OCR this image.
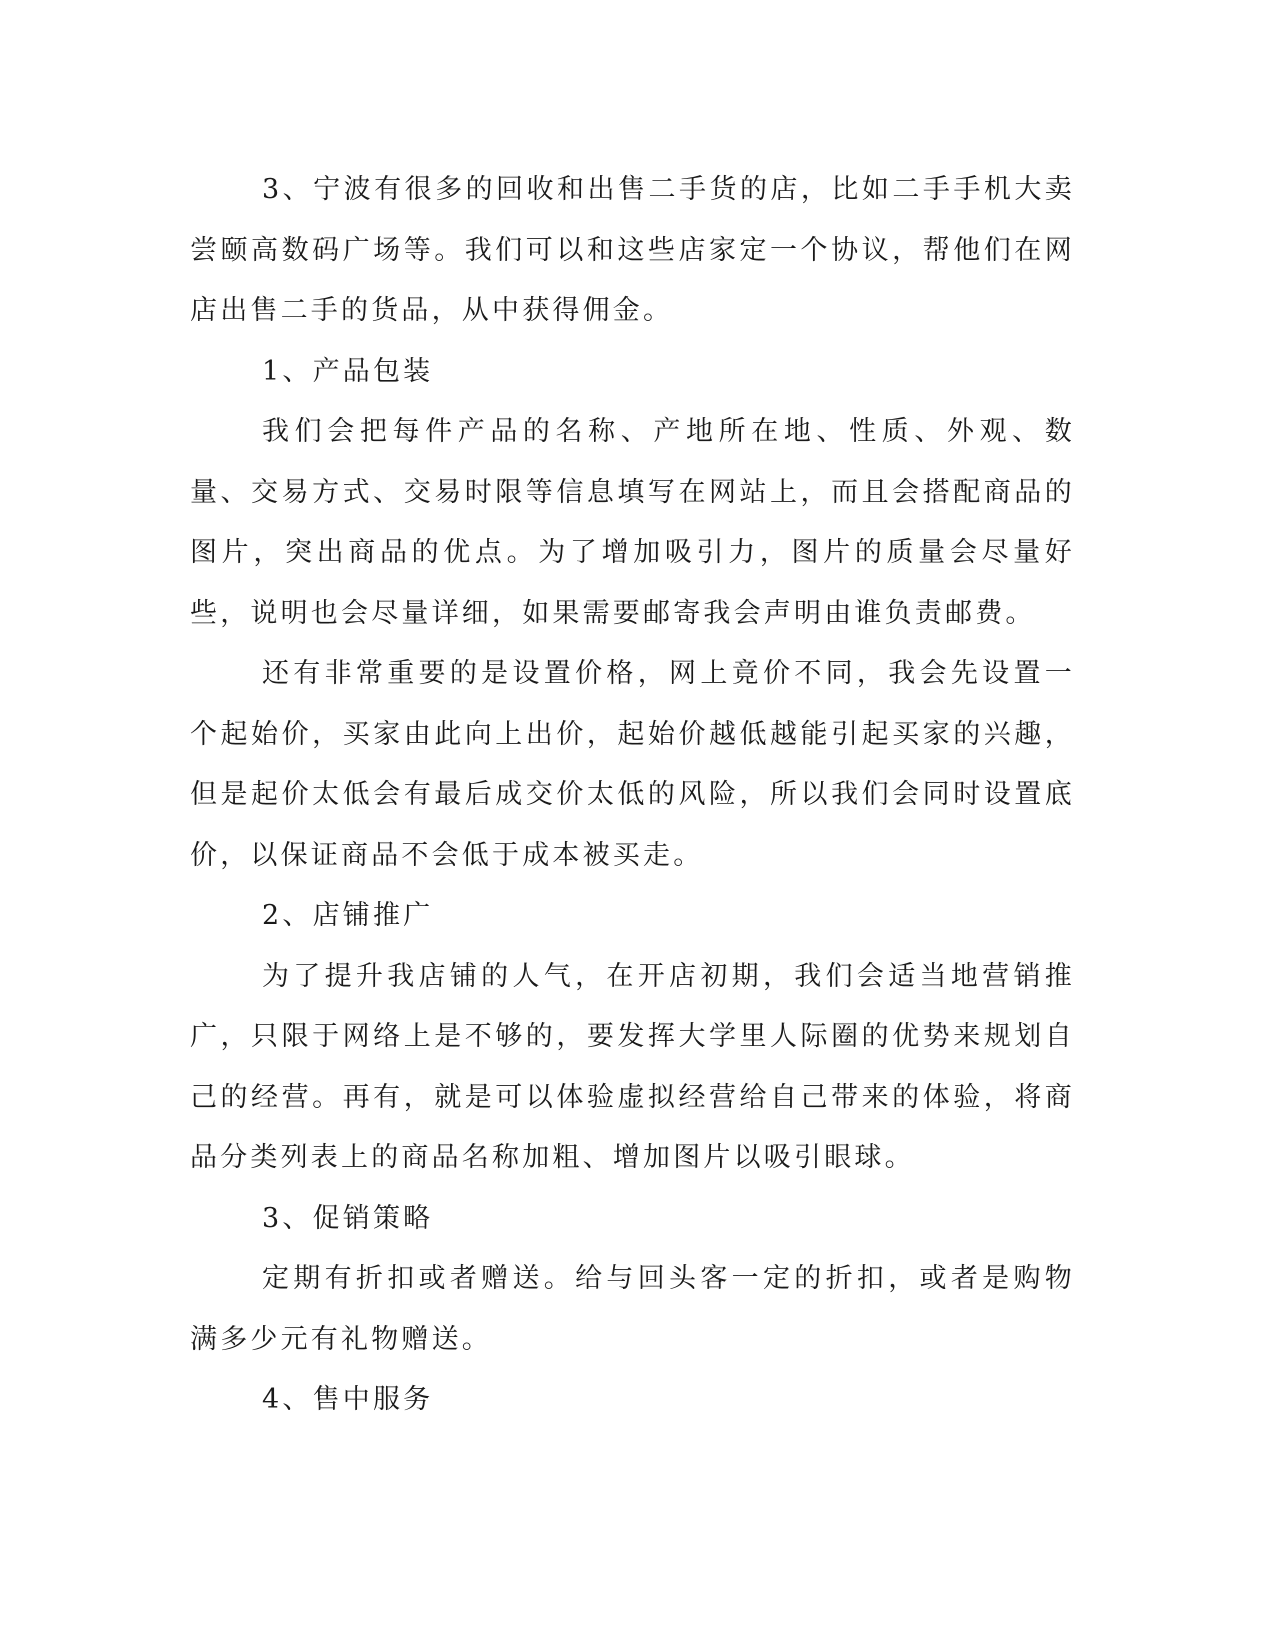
3、宁波有很多的回收和出售二手货的店，比如二手手机大卖尝颐高数码广场等。我们可以和这些店家定一个协议，帮他们在网店出售二手的货品，从中获得佣金。

1、产品包装

我们会把每件产品的名称、产地所在地、性质、外观、数量、交易方式、交易时限等信息填写在网站上，而且会搭配商品的图片，突出商品的优点。为了增加吸引力，图片的质量会尽量好些，说明也会尽量详细，如果需要邮寄我会声明由谁负责邮费。

还有非常重要的是设置价格，网上竟价不同，我会先设置一个起始价，买家由此向上出价，起始价越低越能引起买家的兴趣，但是起价太低会有最后成交价太低的风险，所以我们会同时设置底价，以保证商品不会低于成本被买走。

2、店铺推广

为了提升我店铺的人气，在开店初期，我们会适当地营销推广，只限于网络上是不够的，要发挥大学里人际圈的优势来规划自己的经营。再有，就是可以体验虚拟经营给自己带来的体验，将商品分类列表上的商品名称加粗、增加图片以吸引眼球。

3、促销策略

定期有折扣或者赠送。给与回头客一定的折扣，或者是购物满多少元有礼物赠送。

4、售中服务
